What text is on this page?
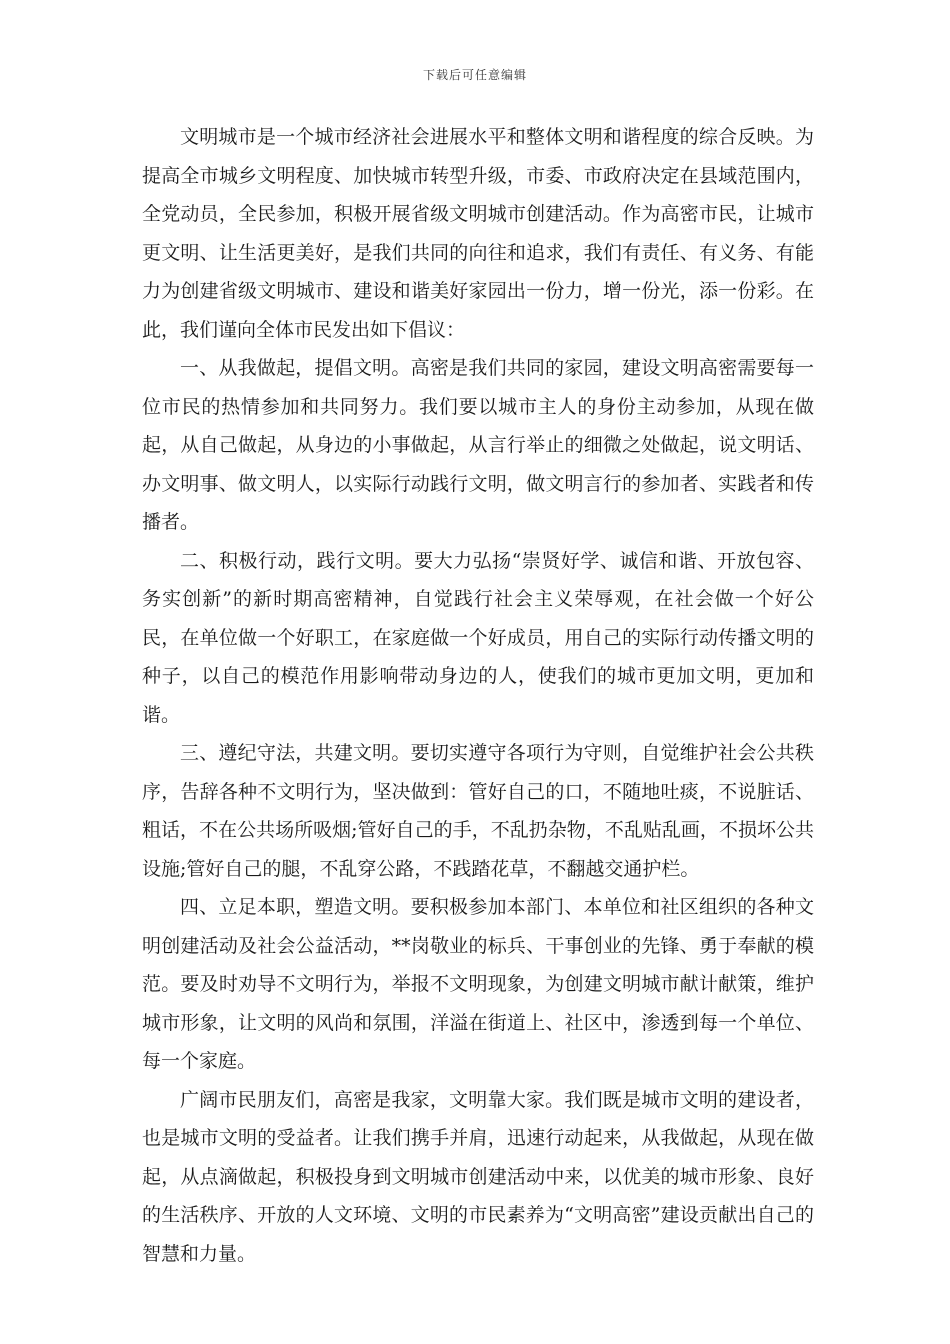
下载后可任意编辑

文明城市是一个城市经济社会进展水平和整体文明和谐程度的综合反映。为提高全市城乡文明程度、加快城市转型升级，市委、市政府决定在县域范围内，全党动员，全民参加，积极开展省级文明城市创建活动。作为高密市民，让城市更文明、让生活更美好，是我们共同的向往和追求，我们有责任、有义务、有能力为创建省级文明城市、建设和谐美好家园出一份力，增一份光，添一份彩。在此，我们谨向全体市民发出如下倡议：

一、从我做起，提倡文明。高密是我们共同的家园，建设文明高密需要每一位市民的热情参加和共同努力。我们要以城市主人的身份主动参加，从现在做起，从自己做起，从身边的小事做起，从言行举止的细微之处做起，说文明话、办文明事、做文明人，以实际行动践行文明，做文明言行的参加者、实践者和传播者。

二、积极行动，践行文明。要大力弘扬“崇贤好学、诚信和谐、开放包容、务实创新”的新时期高密精神，自觉践行社会主义荣辱观，在社会做一个好公民，在单位做一个好职工，在家庭做一个好成员，用自己的实际行动传播文明的种子，以自己的模范作用影响带动身边的人，使我们的城市更加文明，更加和谐。

三、遵纪守法，共建文明。要切实遵守各项行为守则，自觉维护社会公共秩序，告辞各种不文明行为，坚决做到：管好自己的口，不随地吐痰，不说脏话、粗话，不在公共场所吸烟;管好自己的手，不乱扔杂物，不乱贴乱画，不损坏公共设施;管好自己的腿，不乱穿公路，不践踏花草，不翻越交通护栏。

四、立足本职，塑造文明。要积极参加本部门、本单位和社区组织的各种文明创建活动及社会公益活动，**岗敬业的标兵、干事创业的先锋、勇于奉献的模范。要及时劝导不文明行为，举报不文明现象，为创建文明城市献计献策，维护城市形象，让文明的风尚和氛围，洋溢在街道上、社区中，渗透到每一个单位、每一个家庭。

广阔市民朋友们，高密是我家，文明靠大家。我们既是城市文明的建设者，也是城市文明的受益者。让我们携手并肩，迅速行动起来，从我做起，从现在做起，从点滴做起，积极投身到文明城市创建活动中来，以优美的城市形象、良好的生活秩序、开放的人文环境、文明的市民素养为“文明高密”建设贡献出自己的智慧和力量。
